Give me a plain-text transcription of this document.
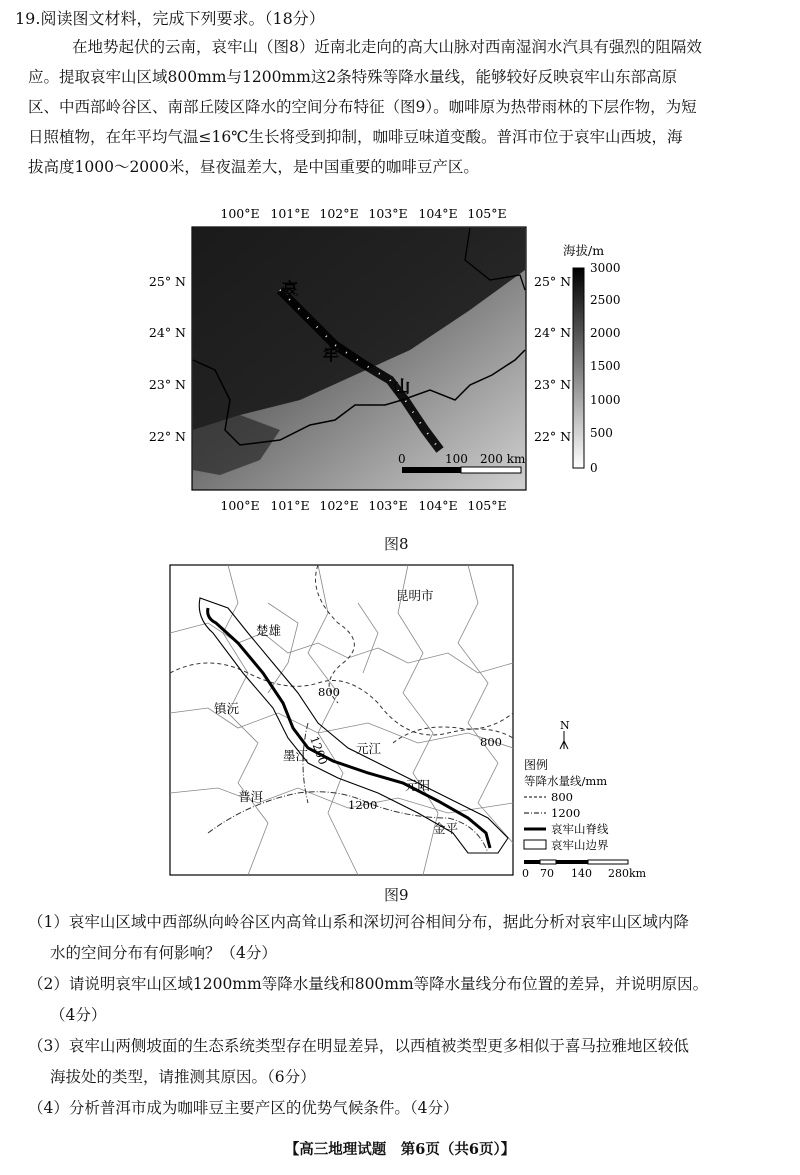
19.阅读图文材料，完成下列要求。（18分）
在地势起伏的云南，哀牢山（图8）近南北走向的高大山脉对西南湿润水汽具有强烈的阻隔效
应。提取哀牢山区域800mm与1200mm这2条特殊等降水量线，能够较好反映哀牢山东部高原
区、中西部岭谷区、南部丘陵区降水的空间分布特征（图9）。咖啡原为热带雨林的下层作物，为短
日照植物，在年平均气温≤16℃生长将受到抑制，咖啡豆味道变酸。普洱市位于哀牢山西坡，海
拔高度1000～2000米，昼夜温差大，是中国重要的咖啡豆产区。
100°E 101°E 102°E 103°E 104°E 105°E
哀
牢
山
0	100 200 km
25° N
24° N
23° N
22° N
25° N
24° N
23° N
22° N
100°E 101°E 102°E 103°E 104°E 105°E
海拔/m
3000
2500
2000
1500
1000
500
0
图8
昆明市
楚雄
镇沅
墨江
普洱
元江
元阳
金平
800
800
1200
1200
N
图例
等降水量线/mm
800
1200
哀牢山脊线
哀牢山边界
0 70 140 280km
图9
（1）哀牢山区域中西部纵向岭谷区内高耸山系和深切河谷相间分布，据此分析对哀牢山区域内降
水的空间分布有何影响？（4分）
（2）请说明哀牢山区域1200mm等降水量线和800mm等降水量线分布位置的差异，并说明原因。
（4分）
（3）哀牢山两侧坡面的生态系统类型存在明显差异，以西植被类型更多相似于喜马拉雅地区较低
海拔处的类型，请推测其原因。（6分）
（4）分析普洱市成为咖啡豆主要产区的优势气候条件。（4分）
【高三地理试题　第6页（共6页）】
